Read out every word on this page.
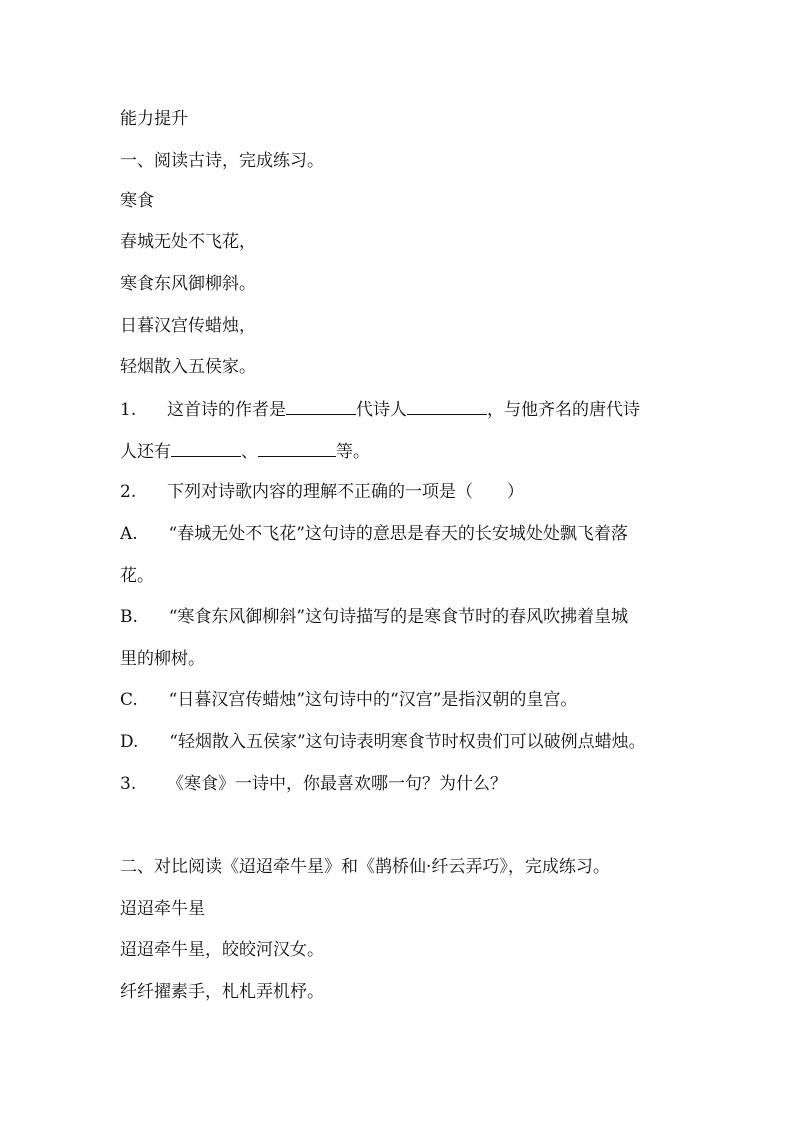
能力提升
一、阅读古诗，完成练习。
寒食
春城无处不飞花，
寒食东风御柳斜。
日暮汉宫传蜡烛，
轻烟散入五侯家。
1. 这首诗的作者是	代诗人	，与他齐名的唐代诗
人还有	、	等。
2. 下列对诗歌内容的理解不正确的一项是（　　）
A. “春城无处不飞花”这句诗的意思是春天的长安城处处飘飞着落
花。
B. “寒食东风御柳斜”这句诗描写的是寒食节时的春风吹拂着皇城
里的柳树。
C. “日暮汉宫传蜡烛”这句诗中的“汉宫”是指汉朝的皇宫。
D. “轻烟散入五侯家”这句诗表明寒食节时权贵们可以破例点蜡烛。
3. 《寒食》一诗中，你最喜欢哪一句？为什么？
二、对比阅读《迢迢牵牛星》和《鹊桥仙·纤云弄巧》，完成练习。
迢迢牵牛星
迢迢牵牛星，皎皎河汉女。
纤纤擢素手，札札弄机杼。
